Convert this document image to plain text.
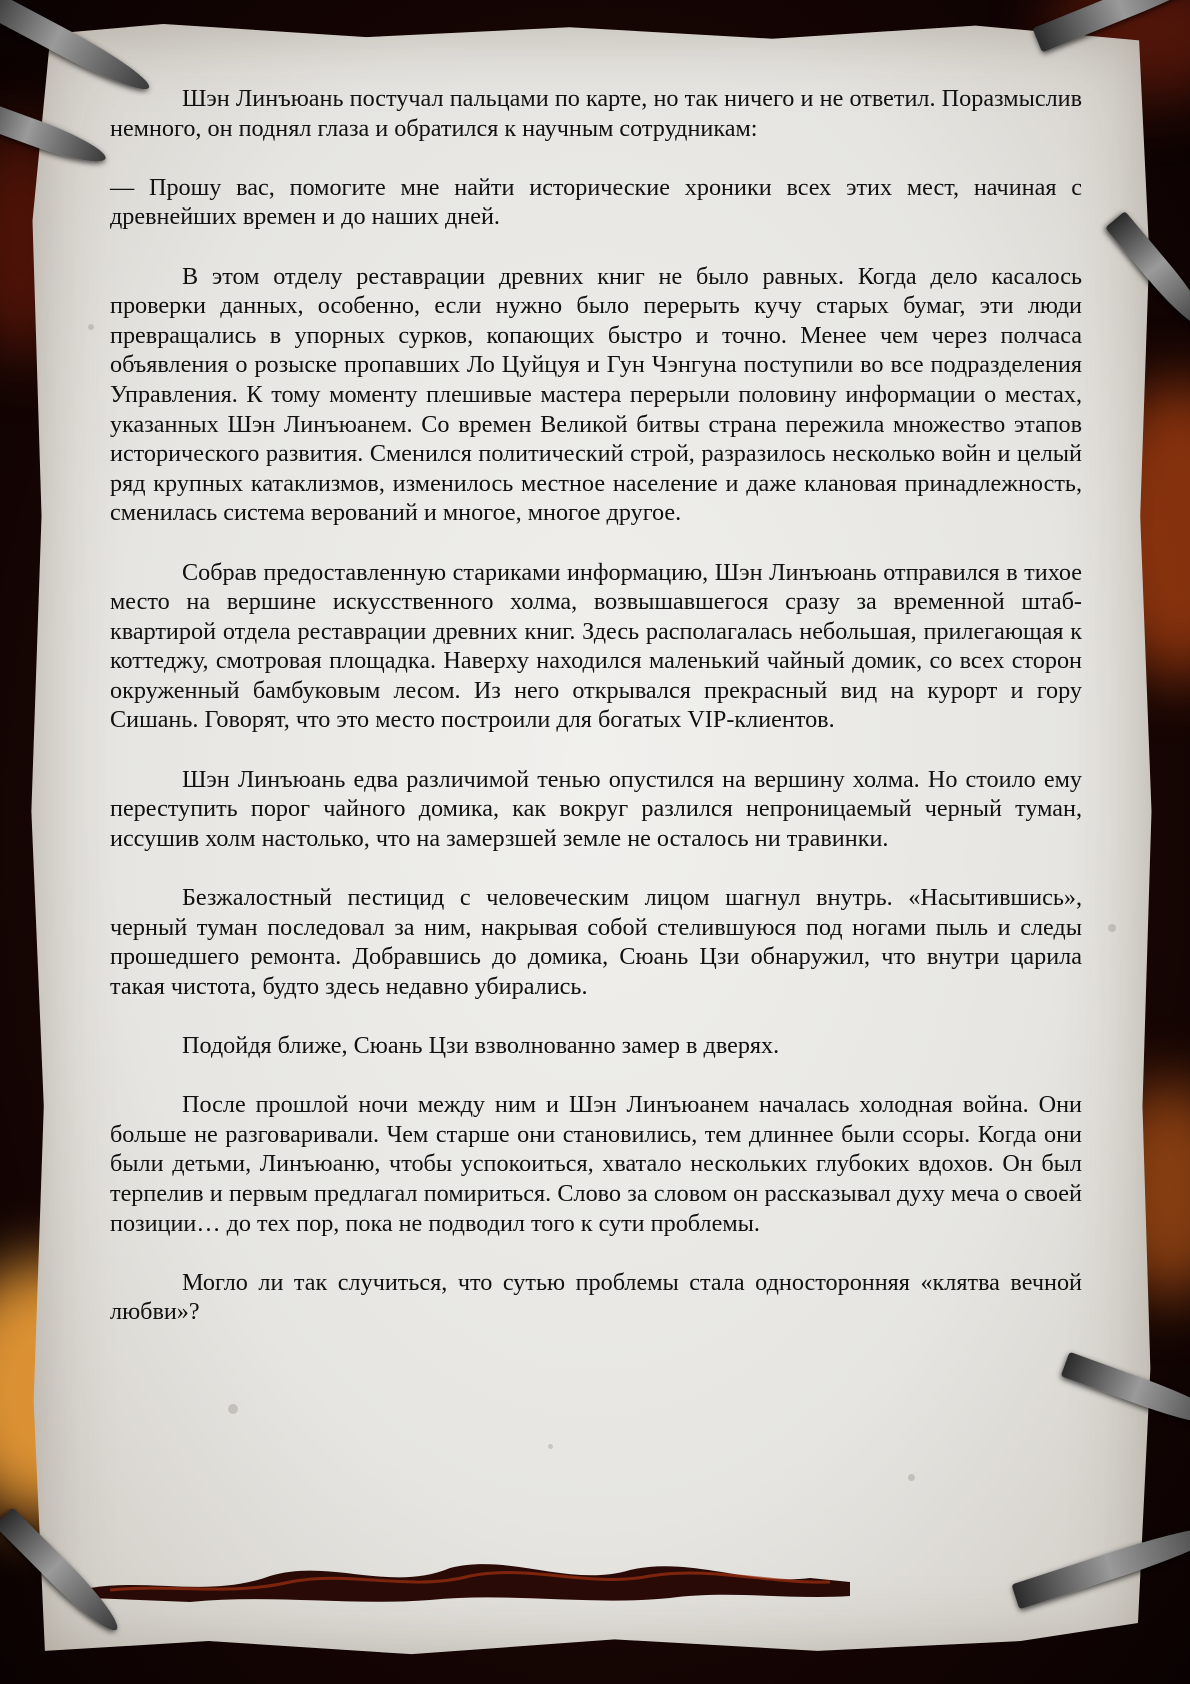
Шэн Линъюань постучал пальцами по карте, но так ничего и не ответил. Поразмыслив немного, он поднял глаза и обратился к научным сотрудникам:

— Прошу вас, помогите мне найти исторические хроники всех этих мест, начиная с древнейших времен и до наших дней.

В этом отделу реставрации древних книг не было равных. Когда дело касалось проверки данных, особенно, если нужно было перерыть кучу старых бумаг, эти люди превращались в упорных сурков, копающих быстро и точно. Менее чем через полчаса объявления о розыске пропавших Ло Цуйцуя и Гун Чэнгуна поступили во все подразделения Управления. К тому моменту плешивые мастера перерыли половину информации о местах, указанных Шэн Линъюанем. Со времен Великой битвы страна пережила множество этапов исторического развития. Сменился политический строй, разразилось несколько войн и целый ряд крупных катаклизмов, изменилось местное население и даже клановая принадлежность, сменилась система верований и многое, многое другое.

Собрав предоставленную стариками информацию, Шэн Линъюань отправился в тихое место на вершине искусственного холма, возвышавшегося сразу за временной штаб-квартирой отдела реставрации древних книг. Здесь располагалась небольшая, прилегающая к коттеджу, смотровая площадка. Наверху находился маленький чайный домик, со всех сторон окруженный бамбуковым лесом. Из него открывался прекрасный вид на курорт и гору Сишань. Говорят, что это место построили для богатых VIP-клиентов.

Шэн Линъюань едва различимой тенью опустился на вершину холма. Но стоило ему переступить порог чайного домика, как вокруг разлился непроницаемый черный туман, иссушив холм настолько, что на замерзшей земле не осталось ни травинки.

Безжалостный пестицид с человеческим лицом шагнул внутрь. «Насытившись», черный туман последовал за ним, накрывая собой стелившуюся под ногами пыль и следы прошедшего ремонта. Добравшись до домика, Сюань Цзи обнаружил, что внутри царила такая чистота, будто здесь недавно убирались.

Подойдя ближе, Сюань Цзи взволнованно замер в дверях.

После прошлой ночи между ним и Шэн Линъюанем началась холодная война. Они больше не разговаривали. Чем старше они становились, тем длиннее были ссоры. Когда они были детьми, Линъюаню, чтобы успокоиться, хватало нескольких глубоких вдохов. Он был терпелив и первым предлагал помириться. Слово за словом он рассказывал духу меча о своей позиции… до тех пор, пока не подводил того к сути проблемы.

Могло ли так случиться, что сутью проблемы стала односторонняя «клятва вечной любви»?
